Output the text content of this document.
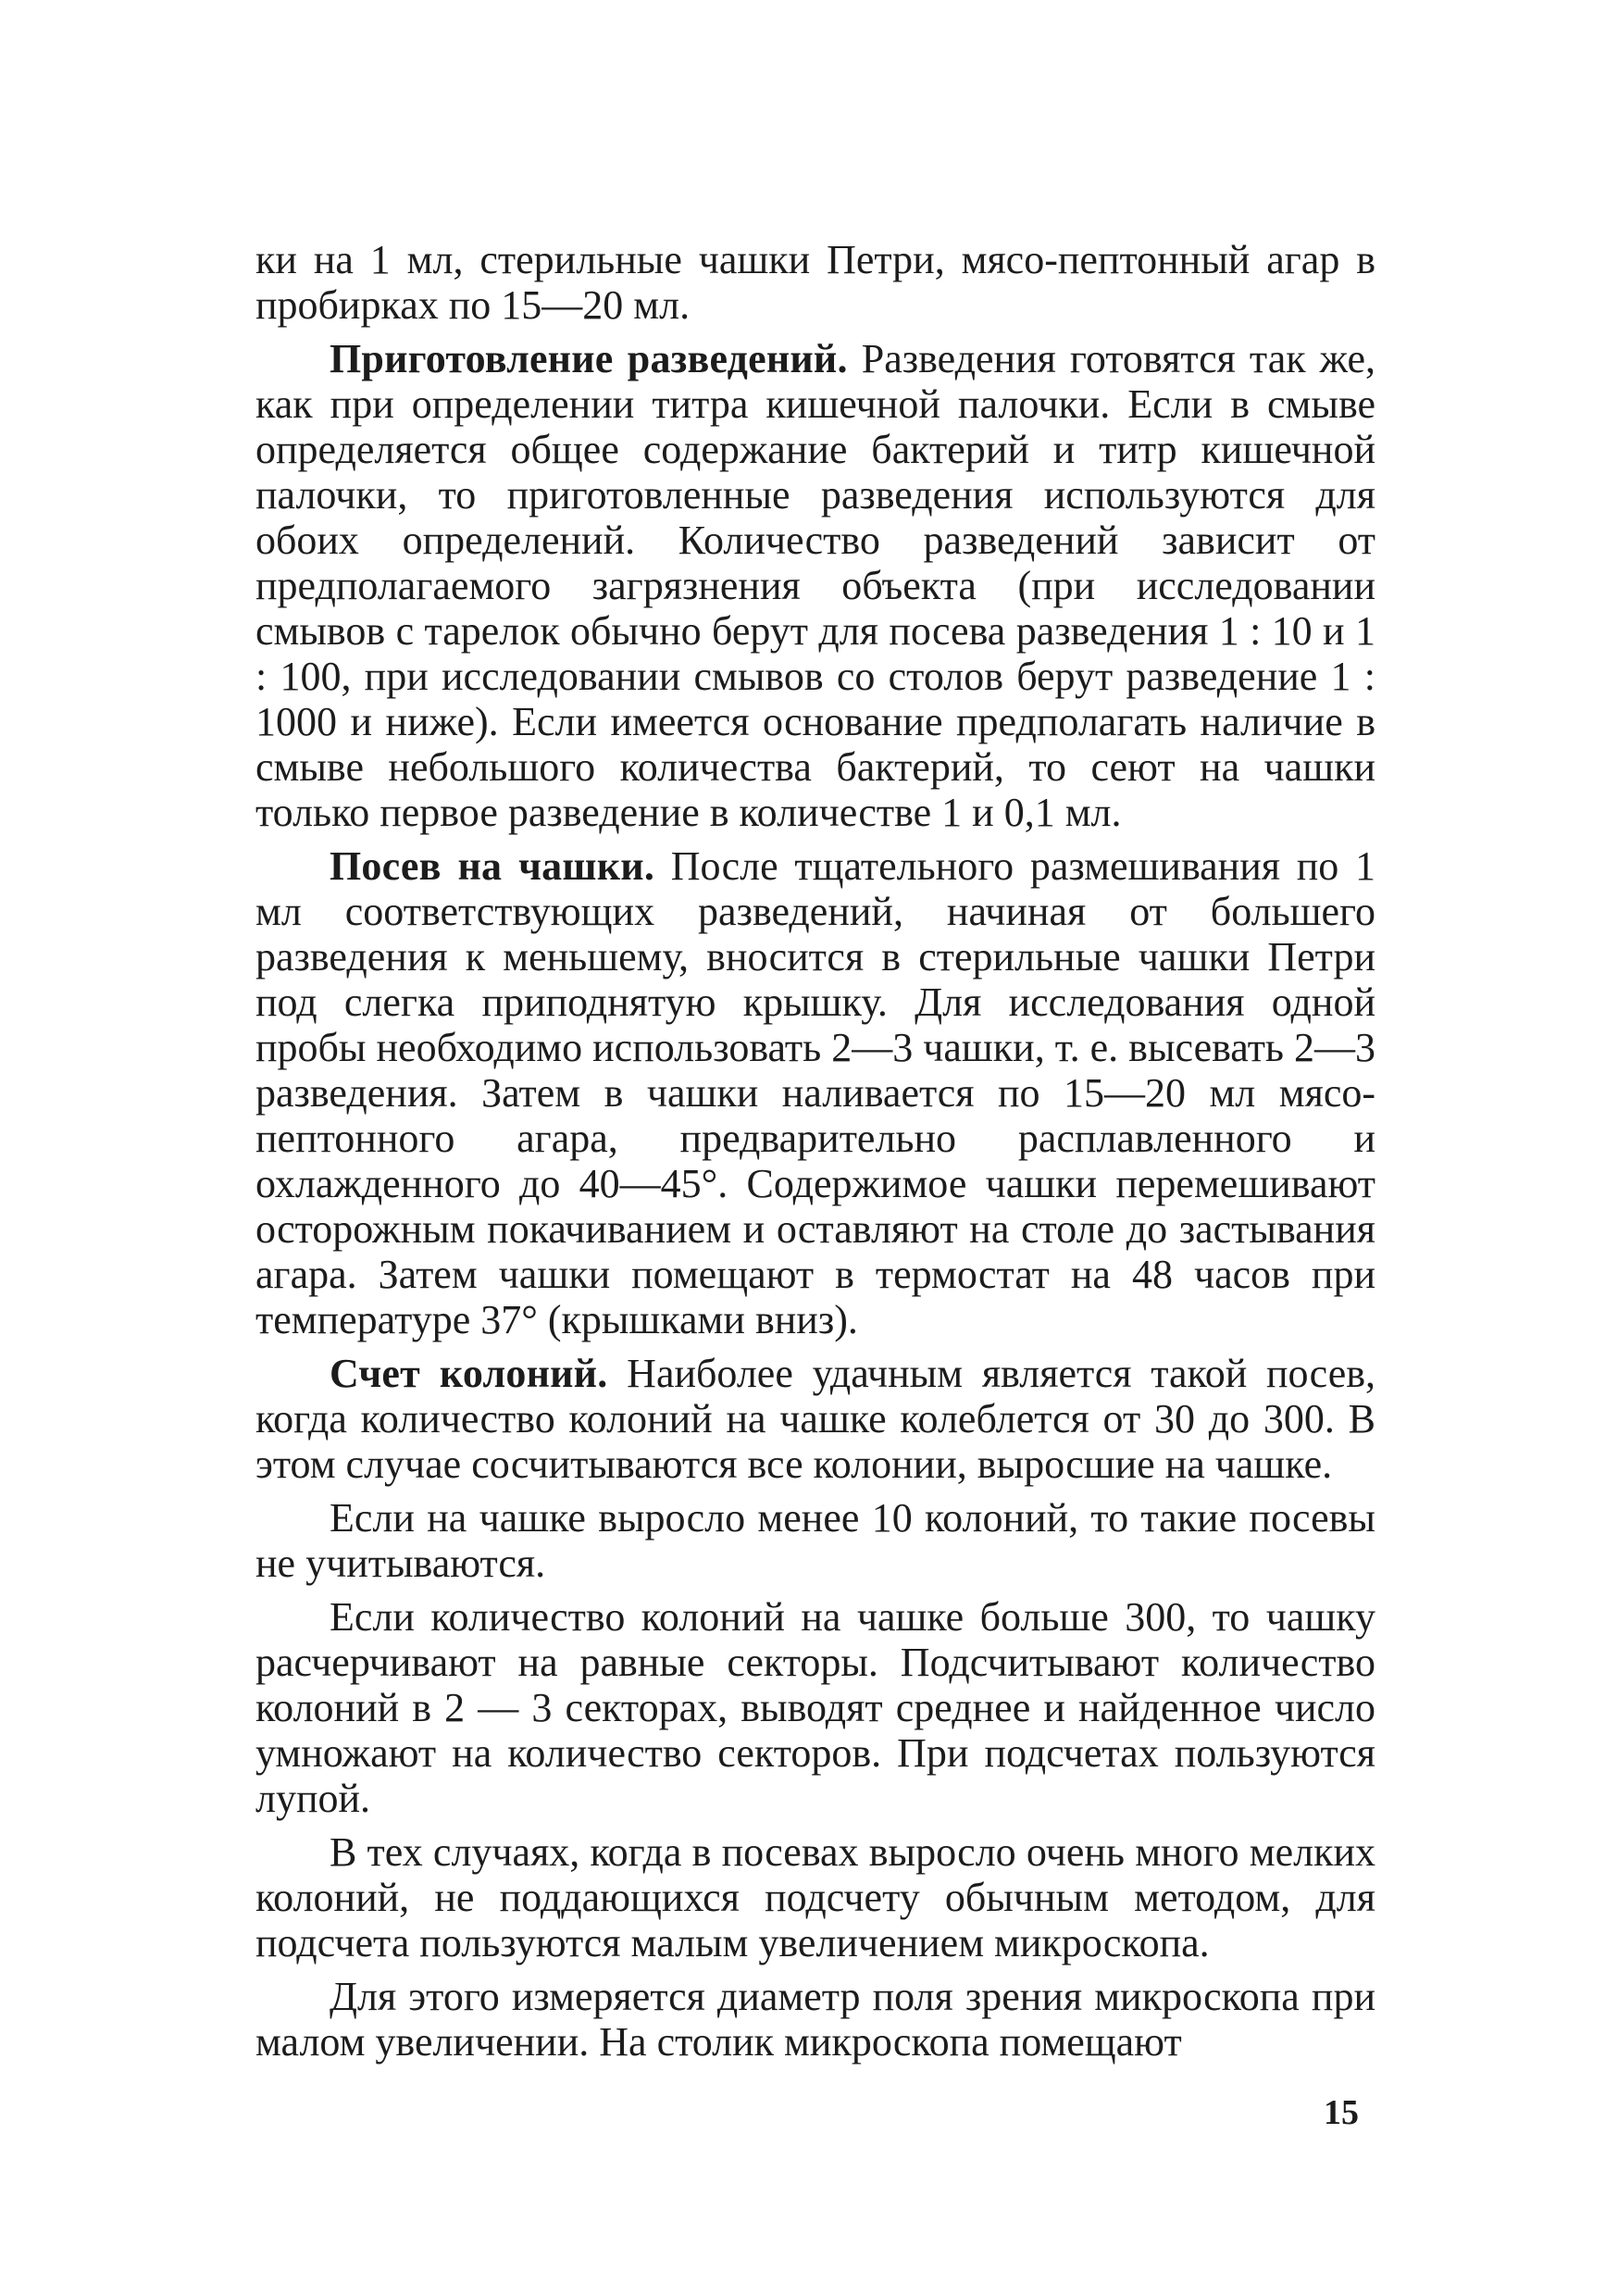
ки на 1 мл, стерильные чашки Петри, мясо-пептонный агар в пробирках по 15—20 мл.

Приготовление разведений. Разведения готовятся так же, как при определении титра кишечной палочки. Если в смыве определяется общее содержание бактерий и титр кишечной палочки, то приготовленные разведения используются для обоих определений. Количество разведений зависит от предполагаемого загрязнения объекта (при исследовании смывов с тарелок обычно берут для посева разведения 1 : 10 и 1 : 100, при исследовании смывов со столов берут разведение 1 : 1000 и ниже). Если имеется основание предполагать наличие в смыве небольшого количества бактерий, то сеют на чашки только первое разведение в количестве 1 и 0,1 мл.

Посев на чашки. После тщательного размешивания по 1 мл соответствующих разведений, начиная от большего разведения к меньшему, вносится в стерильные чашки Петри под слегка приподнятую крышку. Для исследования одной пробы необходимо использовать 2—3 чашки, т. е. высевать 2—3 разведения. Затем в чашки наливается по 15—20 мл мясо-пептонного агара, предварительно расплавленного и охлажденного до 40—45°. Содержимое чашки перемешивают осторожным покачиванием и оставляют на столе до застывания агара. Затем чашки помещают в термостат на 48 часов при температуре 37° (крышками вниз).

Счет колоний. Наиболее удачным является такой посев, когда количество колоний на чашке колеблется от 30 до 300. В этом случае сосчитываются все колонии, выросшие на чашке.

Если на чашке выросло менее 10 колоний, то такие посевы не учитываются.

Если количество колоний на чашке больше 300, то чашку расчерчивают на равные секторы. Подсчитывают количество колоний в 2 — 3 секторах, выводят среднее и найденное число умножают на количество секторов. При подсчетах пользуются лупой.

В тех случаях, когда в посевах выросло очень много мелких колоний, не поддающихся подсчету обычным методом, для подсчета пользуются малым увеличением микроскопа.

Для этого измеряется диаметр поля зрения микроскопа при малом увеличении. На столик микроскопа помещают

15
